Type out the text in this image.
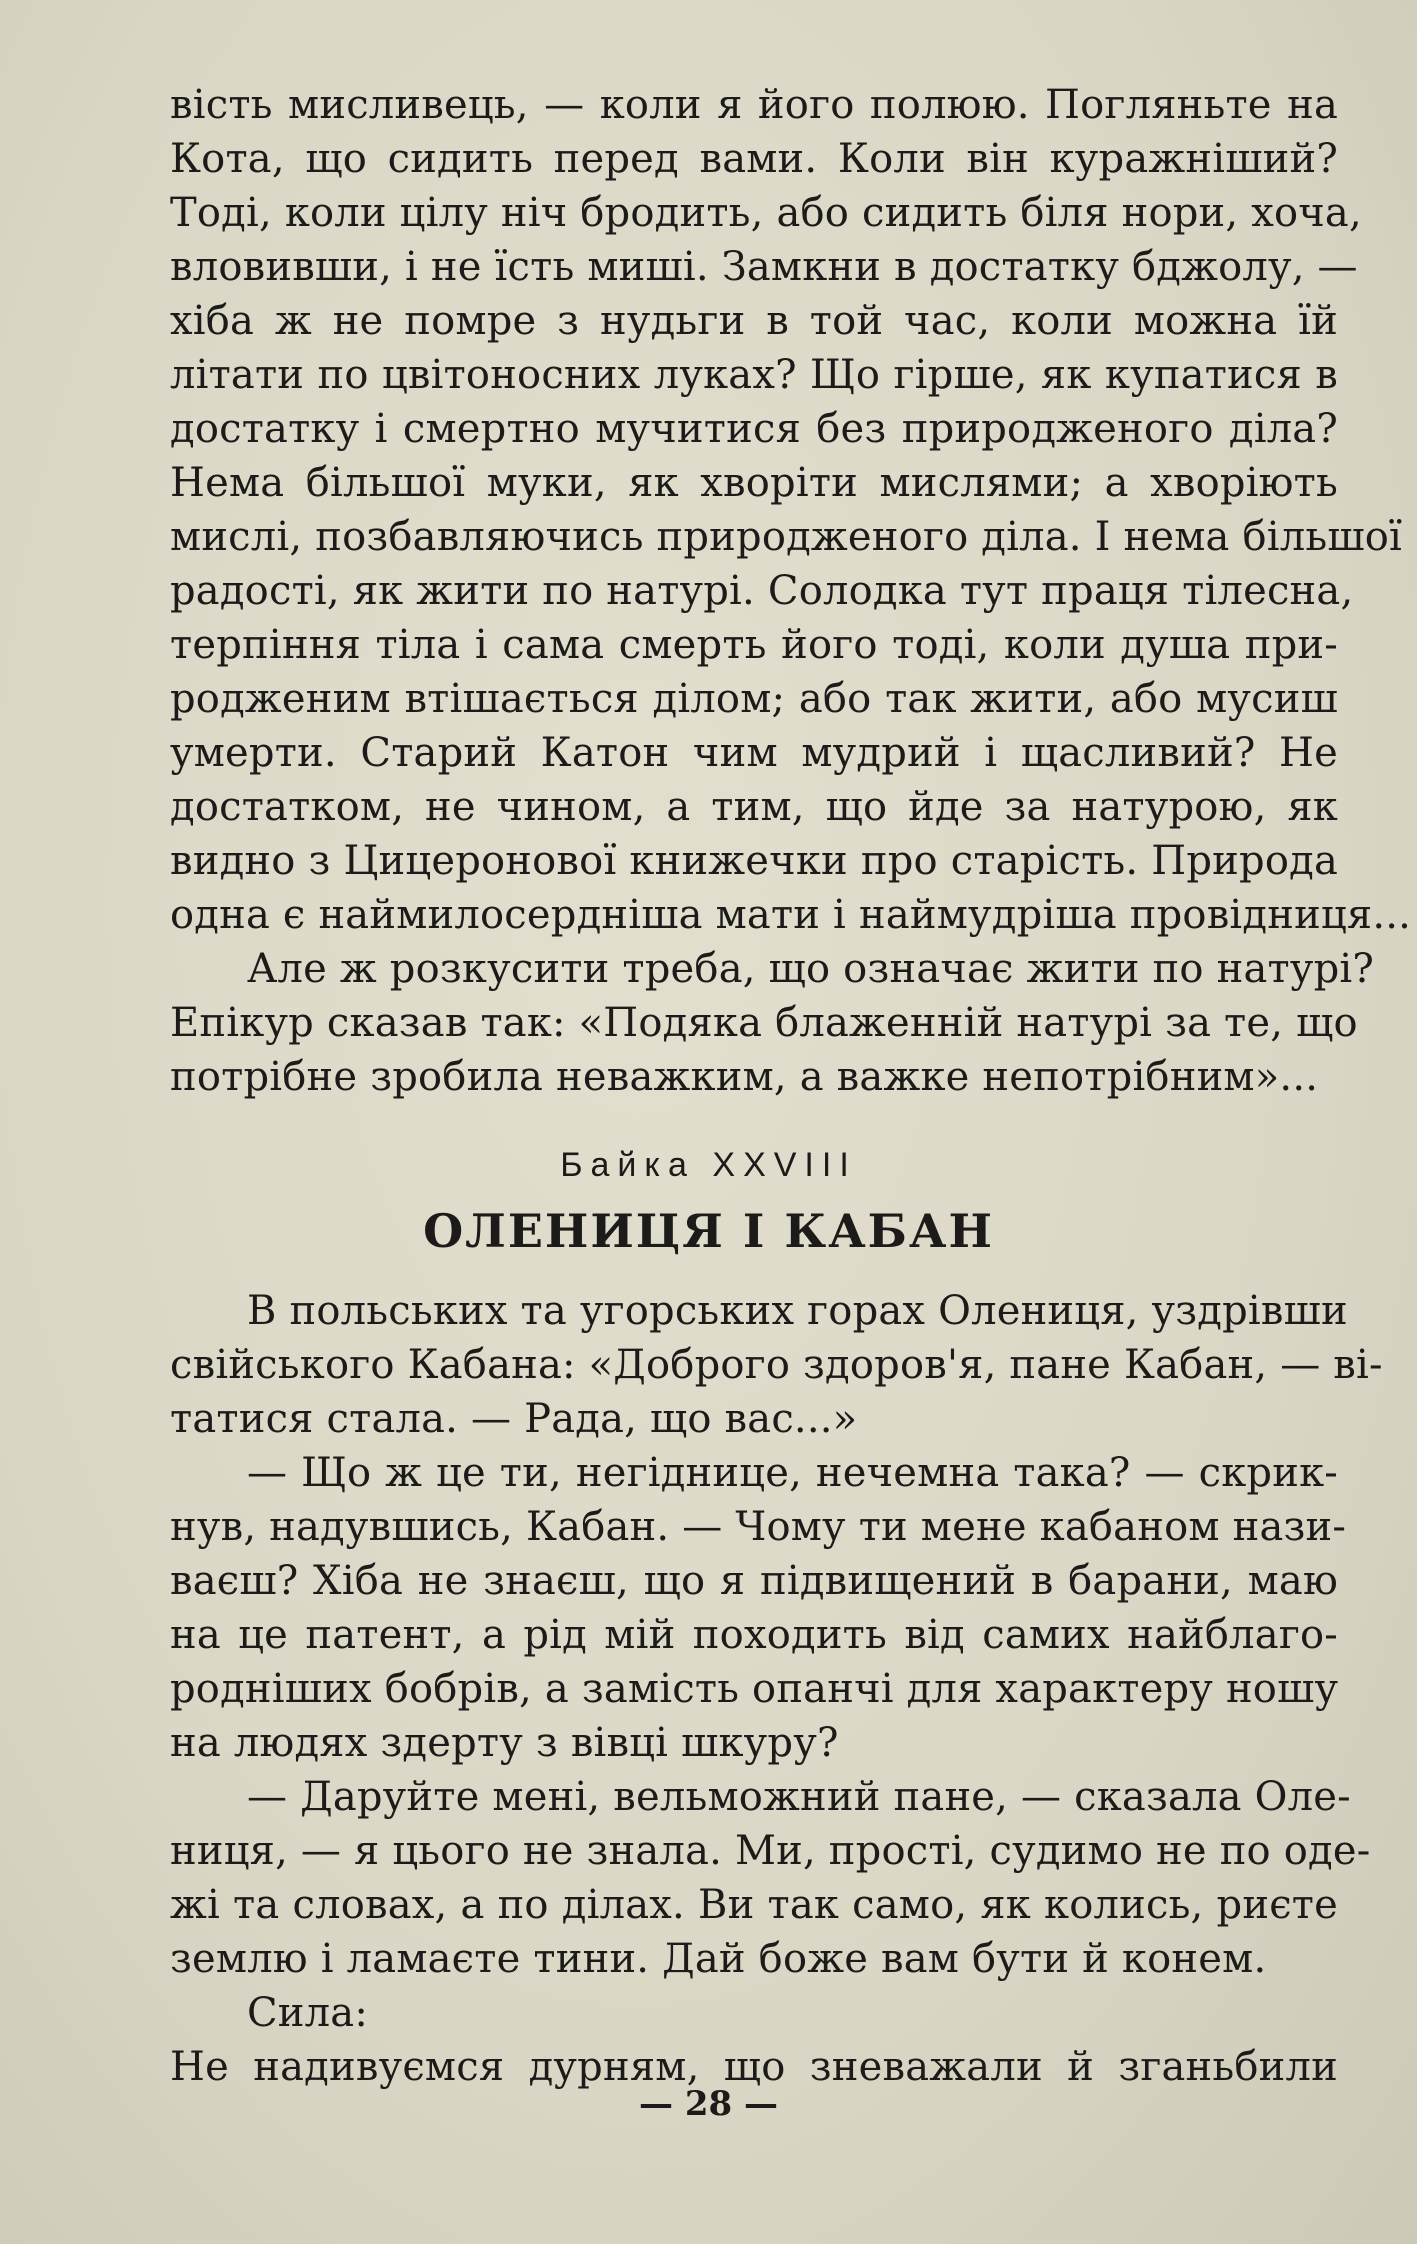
вість мисливець, — коли я його полюю. Погляньте на
Кота, що сидить перед вами. Коли він куражніший?
Тоді, коли цілу ніч бродить, або сидить біля нори, хоча,
вловивши, і не їсть миші. Замкни в достатку бджолу, —
хіба ж не помре з нудьги в той час, коли можна їй
літати по цвітоносних луках? Що гірше, як купатися в
достатку і смертно мучитися без природженого діла?
Нема більшої муки, як хворіти мислями; а хворіють
мислі, позбавляючись природженого діла. І нема більшої
радості, як жити по натурі. Солодка тут праця тілесна,
терпіння тіла і сама смерть його тоді, коли душа при-
родженим втішається ділом; або так жити, або мусиш
умерти. Старий Катон чим мудрий і щасливий? Не
достатком, не чином, а тим, що йде за натурою, як
видно з Цицеронової книжечки про старість. Природа
одна є наймилосердніша мати і наймудріша провідниця...
Але ж розкусити треба, що означає жити по натурі?
Епікур сказав так: «Подяка блаженній натурі за те, що
потрібне зробила неважким, а важке непотрібним»...
Байка XXVIII
ОЛЕНИЦЯ І КАБАН
В польських та угорських горах Олениця, уздрівши
свійського Кабана: «Доброго здоров'я, пане Кабан, — ві-
татися стала. — Рада, що вас...»
— Що ж це ти, негіднице, нечемна така? — скрик-
нув, надувшись, Кабан. — Чому ти мене кабаном нази-
ваєш? Хіба не знаєш, що я підвищений в барани, маю
на це патент, а рід мій походить від самих найблаго-
родніших бобрів, а замість опанчі для характеру ношу
на людях здерту з вівці шкуру?
— Даруйте мені, вельможний пане, — сказала Оле-
ниця, — я цього не знала. Ми, прості, судимо не по оде-
жі та словах, а по ділах. Ви так само, як колись, риєте
землю і ламаєте тини. Дай боже вам бути й конем.
Сила:
Не надивуємся дурням, що зневажали й зганьбили
— 28 —
